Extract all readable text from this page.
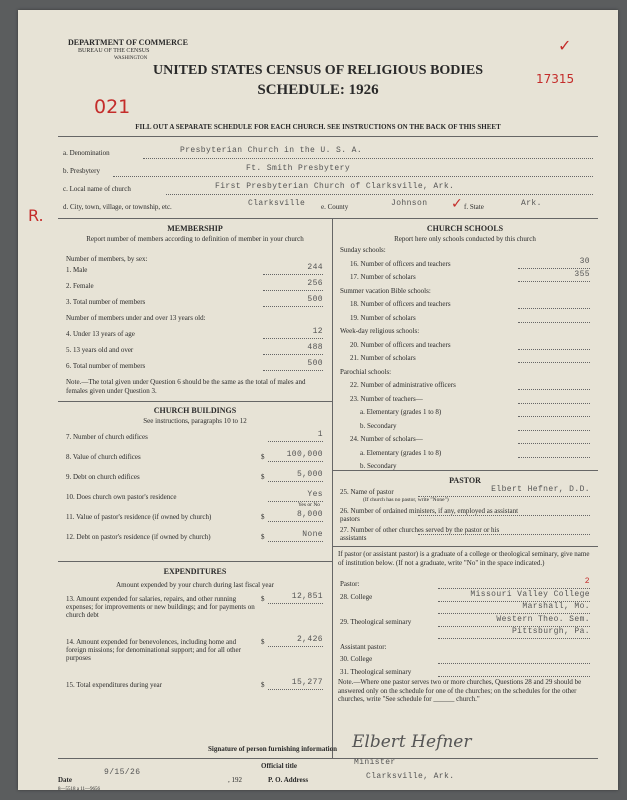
DEPARTMENT OF COMMERCE
BUREAU OF THE CENSUS
WASHINGTON
UNITED STATES CENSUS OF RELIGIOUS BODIES
SCHEDULE: 1926
021
17315
✓
FILL OUT A SEPARATE SCHEDULE FOR EACH CHURCH. SEE INSTRUCTIONS ON THE BACK OF THIS SHEET
a. Denomination	Presbyterian Church in the U. S. A.
b. Presbytery	Ft. Smith Presbytery
c. Local name of church	First Presbyterian Church of Clarksville, Ark.
d. City, town, village, or township, etc.	Clarksville e. County	Johnson ✓ f. State	Ark.
R.
MEMBERSHIP
Report number of members according to definition of member in your church
Number of members, by sex:
Note.—The total given under Question 6 should be the same as the total of males and females given under Question 3.
CHURCH BUILDINGS
See instructions, paragraphs 10 to 12
EXPENDITURES
Amount expended by your church during last fiscal year
CHURCH SCHOOLS
Report here only schools conducted by this church
PASTOR
If pastor (or assistant pastor) is a graduate of a college or theological seminary, give name of institution below. (If not a graduate, write "No" in the space indicated.)
Note.—Where one pastor serves two or more churches, Questions 28 and 29 should be answered only on the schedule for one of the churches; on the schedules for the other churches, write "See schedule for ______ church."
Signature of person furnishing information Elbert Hefner
Official title	Minister
Date
9/15/26
, 192	P. O. Address	Clarksville, Ark.
8—5518 a 11—9656
1. Male	244
2. Female	256
3. Total number of members	500
Number of members under and over 13 years old:
4. Under 13 years of age	12
5. 13 years old and over	488
6. Total number of members	500
7. Number of church edifices	1
8. Value of church edifices	$	100,000
9. Debt on church edifices	$	5,000
10. Does church own pastor's residence	Yes
Yes or No
11. Value of pastor's residence (if owned by church)	$	8,000
12. Debt on pastor's residence (if owned by church)	$	None
13. Amount expended for salaries, repairs, and other running expenses; for improvements or new buildings; and for payments on church debt
$	12,851
14. Amount expended for benevolences, including home and foreign missions; for denominational support; and for all other purposes
$	2,426
15. Total expenditures during year	$	15,277
Sunday schools:
16. Number of officers and teachers	30
17. Number of scholars	355
Summer vacation Bible schools:
18. Number of officers and teachers
19. Number of scholars
Week-day religious schools:
20. Number of officers and teachers
21. Number of scholars
Parochial schools:
22. Number of administrative officers
23. Number of teachers—
a. Elementary (grades 1 to 8)
b. Secondary
24. Number of scholars—
a. Elementary (grades 1 to 8)
b. Secondary
25. Name of pastor	Elbert Hefner, D.D.
(If church has no pastor, write "None")
26. Number of ordained ministers, if any, employed as assistant pastors
27. Number of other churches served by the pastor or his assistants
Pastor:	2
28. College	Missouri Valley College
Marshall, Mo.
29. Theological seminary	Western Theo. Sem.
Pittsburgh, Pa.
Assistant pastor:
30. College
31. Theological seminary
